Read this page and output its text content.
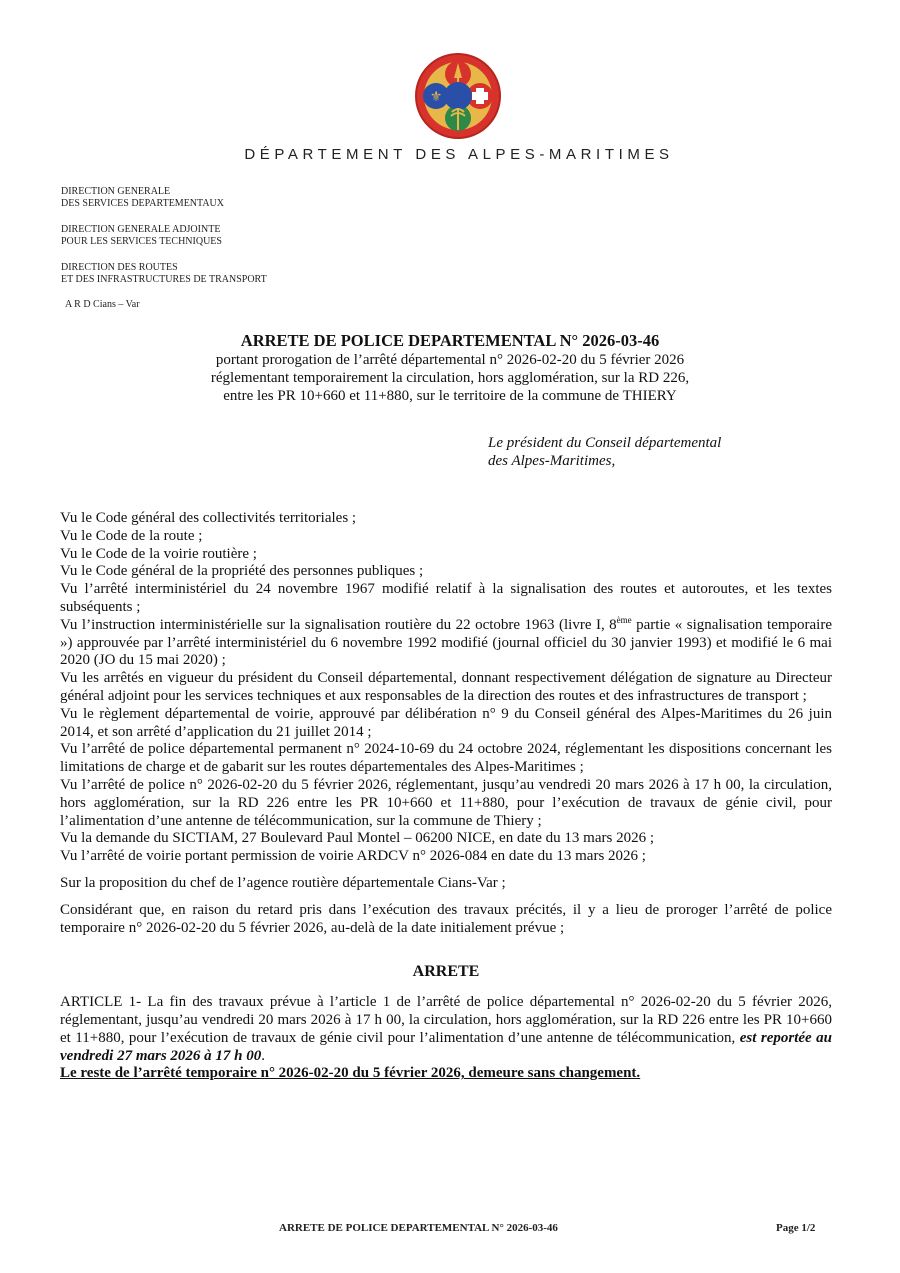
⚜
DÉPARTEMENT DES ALPES-MARITIMES
DIRECTION GENERALE
DES SERVICES DEPARTEMENTAUX
DIRECTION GENERALE ADJOINTE
POUR LES SERVICES TECHNIQUES
DIRECTION DES ROUTES
ET DES INFRASTRUCTURES DE TRANSPORT
A R D Cians – Var
ARRETE DE POLICE DEPARTEMENTAL N° 2026-03-46
portant prorogation de l’arrêté départemental n° 2026-02-20 du 5 février 2026
réglementant temporairement la circulation, hors agglomération, sur la RD 226,
entre les PR 10+660 et 11+880, sur le territoire de la commune de THIERY
Le président du Conseil départemental
des Alpes-Maritimes,

Vu le Code général des collectivités territoriales ;

Vu le Code de la route ;

Vu le Code de la voirie routière ;

Vu le Code général de la propriété des personnes publiques ;

Vu l’arrêté interministériel du 24 novembre 1967 modifié relatif à la signalisation des routes et autoroutes, et les textes subséquents ;

Vu l’instruction interministérielle sur la signalisation routière du 22 octobre 1963 (livre I, 8ème partie « signalisation temporaire ») approuvée par l’arrêté interministériel du 6 novembre 1992 modifié (journal officiel du 30 janvier 1993) et modifié le 6 mai 2020 (JO du 15 mai 2020) ;

Vu les arrêtés en vigueur du président du Conseil départemental, donnant respectivement délégation de signature au Directeur général adjoint pour les services techniques et aux responsables de la direction des routes et des infrastructures de transport ;

Vu le règlement départemental de voirie, approuvé par délibération n° 9 du Conseil général des Alpes-Maritimes du 26 juin 2014, et son arrêté d’application du 21 juillet 2014 ;

Vu l’arrêté de police départemental permanent n° 2024-10-69 du 24 octobre 2024, réglementant les dispositions concernant les limitations de charge et de gabarit sur les routes départementales des Alpes-Maritimes ;

Vu l’arrêté de police n° 2026-02-20 du 5 février 2026, réglementant, jusqu’au vendredi 20 mars 2026 à 17 h 00, la circulation, hors agglomération, sur la RD 226 entre les PR 10+660 et 11+880, pour l’exécution de travaux de génie civil, pour l’alimentation d’une antenne de télécommunication, sur la commune de Thiery ;

Vu la demande du SICTIAM, 27 Boulevard Paul Montel – 06200 NICE, en date du 13 mars 2026 ;

Vu l’arrêté de voirie portant permission de voirie ARDCV n° 2026-084 en date du 13 mars 2026 ;

Sur la proposition du chef de l’agence routière départementale Cians-Var ;

Considérant que, en raison du retard pris dans l’exécution des travaux précités, il y a lieu de proroger l’arrêté de police temporaire n° 2026-02-20 du 5 février 2026, au-delà de la date initialement prévue ;

ARRETE

ARTICLE 1- La fin des travaux prévue à l’article 1 de l’arrêté de police départemental n° 2026-02-20 du 5 février 2026, réglementant, jusqu’au vendredi 20 mars 2026 à 17 h 00, la circulation, hors agglomération, sur la RD 226 entre les PR 10+660 et 11+880, pour l’exécution de travaux de génie civil pour l’alimentation d’une antenne de télécommunication, est reportée au vendredi 27 mars 2026 à 17 h 00.

Le reste de l’arrêté temporaire n° 2026-02-20 du 5 février 2026, demeure sans changement.

ARRETE DE POLICE DEPARTEMENTAL N° 2026-03-46	Page 1/2
